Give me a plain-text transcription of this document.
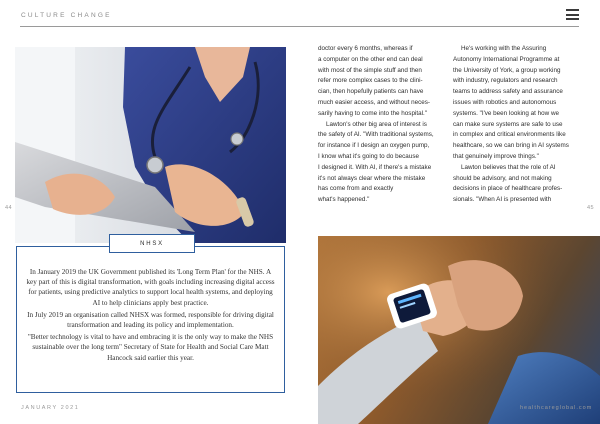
CULTURE CHANGE
44	45
NHSX

In January 2019 the UK Government published its 'Long Term Plan' for the NHS. A key part of this is digital transformation, with goals including increasing digital access for patients, using predictive analytics to support local health systems, and deploying AI to help clinicians apply best practice.

In July 2019 an organisation called NHSX was formed, responsible for driving digital transformation and leading its policy and implementation.

"Better technology is vital to have and embracing it is the only way to make the NHS sustainable over the long term" Secretary of State for Health and Social Care Matt Hancock said earlier this year.

doctor every 6 months, whereas if
a computer on the other end can deal
with most of the simple stuff and then
refer more complex cases to the clini-
cian, then hopefully patients can have
much easier access, and without neces-
sarily having to come into the hospital."
Lawton's other big area of interest is
the safety of AI. "With traditional systems,
for instance if I design an oxygen pump,
I know what it's going to do because
I designed it. With AI, if there's a mistake
it's not always clear where the mistake
has come from and exactly
what's happened."
He's working with the Assuring
Autonomy International Programme at
the University of York, a group working
with industry, regulators and research
teams to address safety and assurance
issues with robotics and autonomous
systems. "I've been looking at how we
can make sure systems are safe to use
in complex and critical environments like
healthcare, so we can bring in AI systems
that genuinely improve things."
Lawton believes that the role of AI
should be advisory, and not making
decisions in place of healthcare profes-
sionals. "When AI is presented with
JANUARY 2021	healthcareglobal.com
